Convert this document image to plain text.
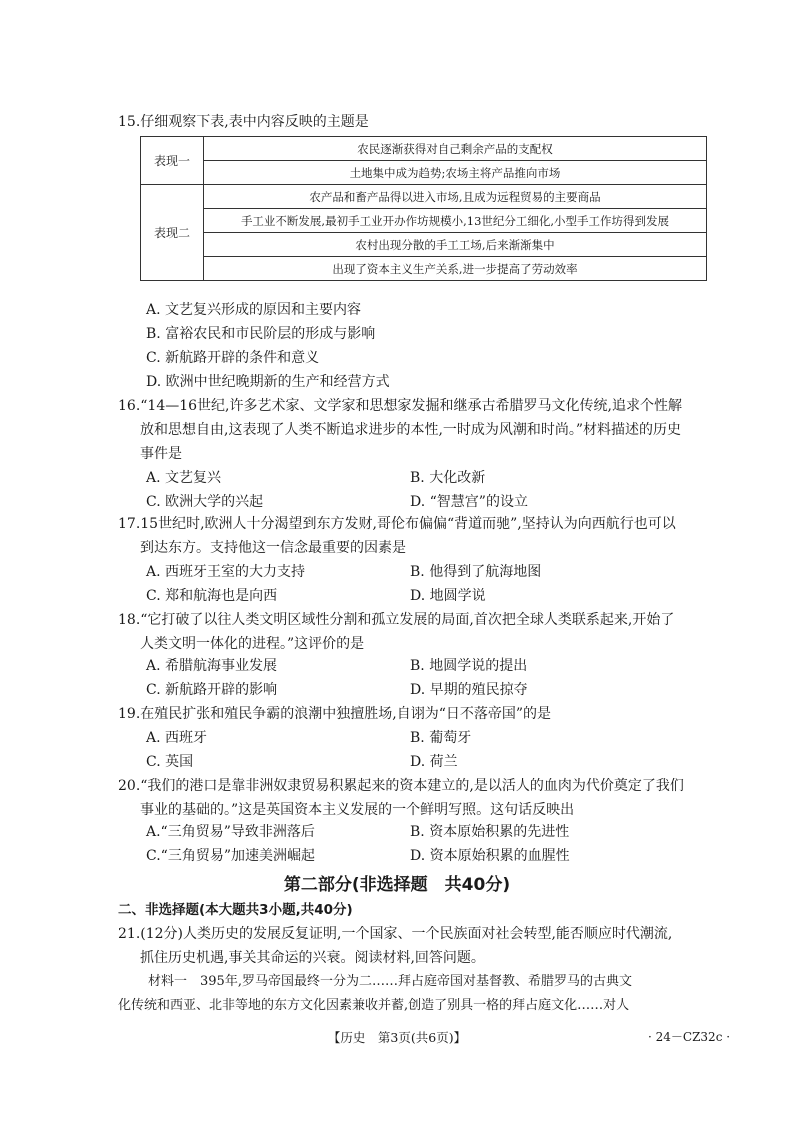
15.仔细观察下表,表中内容反映的主题是
表现一	农民逐渐获得对自己剩余产品的支配权
	土地集中成为趋势;农场主将产品推向市场
表现二	农产品和畜产品得以进入市场,且成为远程贸易的主要商品
	手工业不断发展,最初手工业开办作坊规模小,13世纪分工细化,小型手工作坊得到发展
	农村出现分散的手工工场,后来渐渐集中
	出现了资本主义生产关系,进一步提高了劳动效率
A. 文艺复兴形成的原因和主要内容
B. 富裕农民和市民阶层的形成与影响
C. 新航路开辟的条件和意义
D. 欧洲中世纪晚期新的生产和经营方式
16.“14—16世纪,许多艺术家、文学家和思想家发掘和继承古希腊罗马文化传统,追求个性解
放和思想自由,这表现了人类不断追求进步的本性,一时成为风潮和时尚。”材料描述的历史
事件是
A. 文艺复兴	B. 大化改新
C. 欧洲大学的兴起	D. “智慧宫”的设立
17.15世纪时,欧洲人十分渴望到东方发财,哥伦布偏偏“背道而驰”,坚持认为向西航行也可以
到达东方。支持他这一信念最重要的因素是
A. 西班牙王室的大力支持	B. 他得到了航海地图
C. 郑和航海也是向西	D. 地圆学说
18.“它打破了以往人类文明区域性分割和孤立发展的局面,首次把全球人类联系起来,开始了
人类文明一体化的进程。”这评价的是
A. 希腊航海事业发展	B. 地圆学说的提出
C. 新航路开辟的影响	D. 早期的殖民掠夺
19.在殖民扩张和殖民争霸的浪潮中独擅胜场,自诩为“日不落帝国”的是
A. 西班牙	B. 葡萄牙
C. 英国	D. 荷兰
20.“我们的港口是靠非洲奴隶贸易积累起来的资本建立的,是以活人的血肉为代价奠定了我们
事业的基础的。”这是英国资本主义发展的一个鲜明写照。这句话反映出
A.“三角贸易”导致非洲落后	B. 资本原始积累的先进性
C.“三角贸易”加速美洲崛起	D. 资本原始积累的血腥性
第二部分(非选择题　共40分)
二、非选择题(本大题共3小题,共40分)
21.(12分)人类历史的发展反复证明,一个国家、一个民族面对社会转型,能否顺应时代潮流,
抓住历史机遇,事关其命运的兴衰。阅读材料,回答问题。
材料一　395年,罗马帝国最终一分为二……拜占庭帝国对基督教、希腊罗马的古典文
化传统和西亚、北非等地的东方文化因素兼收并蓄,创造了别具一格的拜占庭文化……对人
【历史　第3页(共6页)】	· 24－CZ32c ·
